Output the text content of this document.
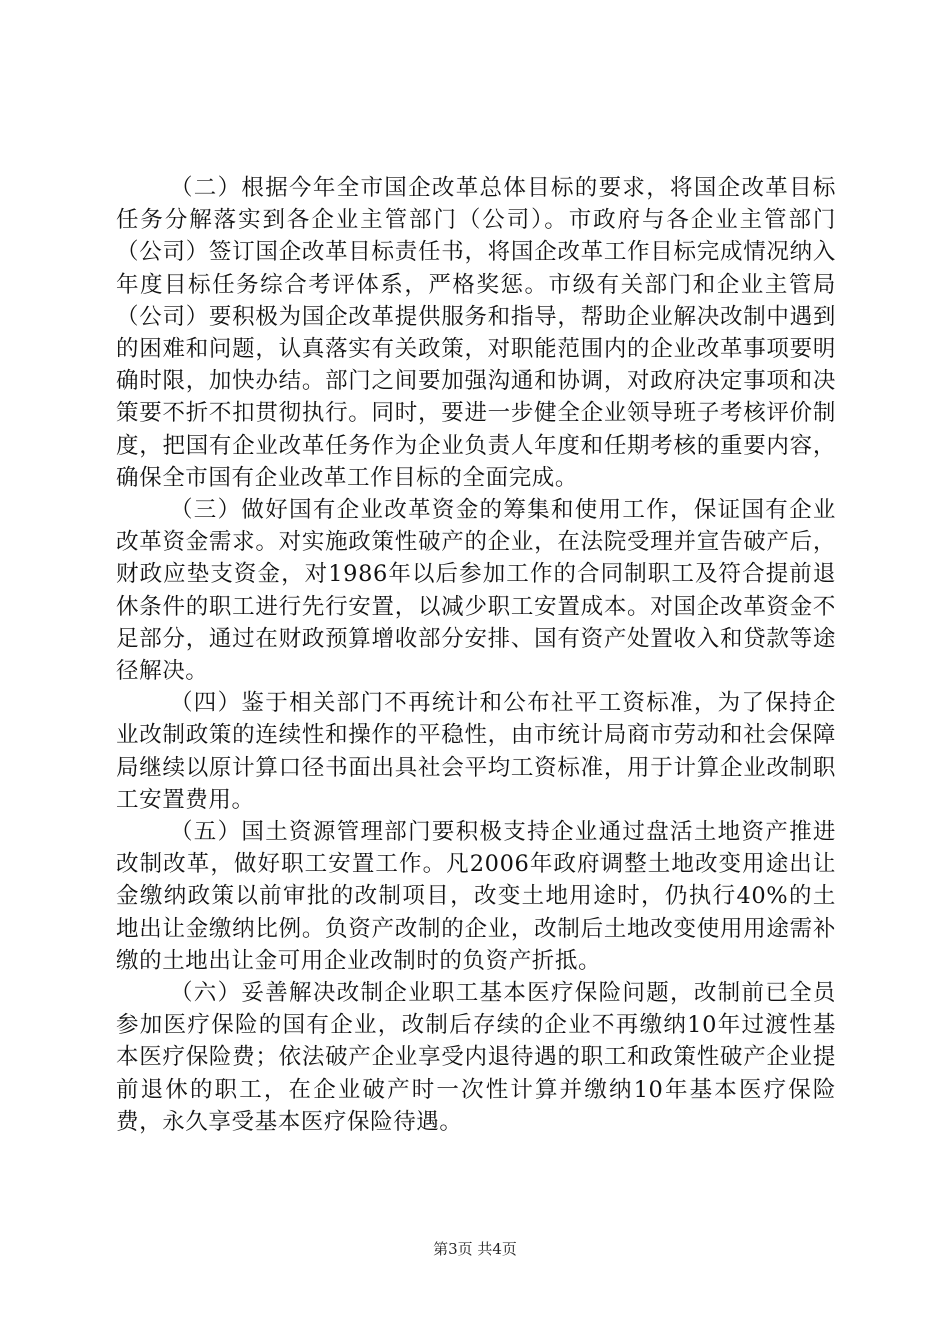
（二）根据今年全市国企改革总体目标的要求，将国企改革目标任务分解落实到各企业主管部门（公司）。市政府与各企业主管部门（公司）签订国企改革目标责任书，将国企改革工作目标完成情况纳入年度目标任务综合考评体系，严格奖惩。市级有关部门和企业主管局（公司）要积极为国企改革提供服务和指导，帮助企业解决改制中遇到的困难和问题，认真落实有关政策，对职能范围内的企业改革事项要明确时限，加快办结。部门之间要加强沟通和协调，对政府决定事项和决策要不折不扣贯彻执行。同时，要进一步健全企业领导班子考核评价制度，把国有企业改革任务作为企业负责人年度和任期考核的重要内容，确保全市国有企业改革工作目标的全面完成。

（三）做好国有企业改革资金的筹集和使用工作，保证国有企业改革资金需求。对实施政策性破产的企业，在法院受理并宣告破产后，财政应垫支资金，对1986年以后参加工作的合同制职工及符合提前退休条件的职工进行先行安置，以减少职工安置成本。对国企改革资金不足部分，通过在财政预算增收部分安排、国有资产处置收入和贷款等途径解决。

（四）鉴于相关部门不再统计和公布社平工资标准，为了保持企业改制政策的连续性和操作的平稳性，由市统计局商市劳动和社会保障局继续以原计算口径书面出具社会平均工资标准，用于计算企业改制职工安置费用。

（五）国土资源管理部门要积极支持企业通过盘活土地资产推进改制改革，做好职工安置工作。凡2006年政府调整土地改变用途出让金缴纳政策以前审批的改制项目，改变土地用途时，仍执行40%的土地出让金缴纳比例。负资产改制的企业，改制后土地改变使用用途需补缴的土地出让金可用企业改制时的负资产折抵。

（六）妥善解决改制企业职工基本医疗保险问题，改制前已全员参加医疗保险的国有企业，改制后存续的企业不再缴纳10年过渡性基本医疗保险费；依法破产企业享受内退待遇的职工和政策性破产企业提前退休的职工，在企业破产时一次性计算并缴纳10年基本医疗保险费，永久享受基本医疗保险待遇。

第3页 共4页
